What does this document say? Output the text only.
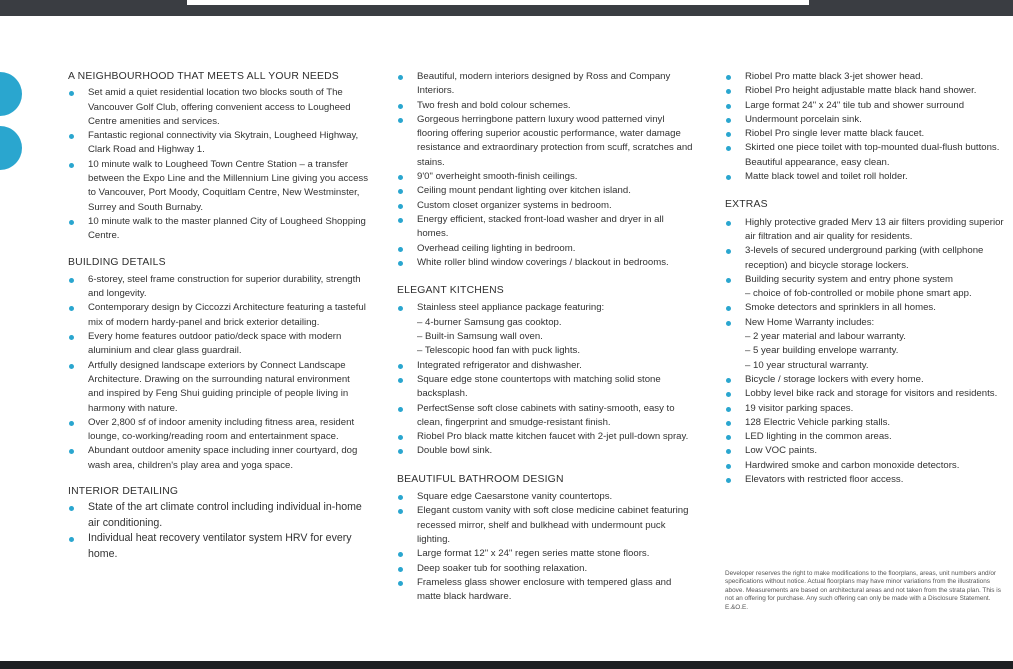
A NEIGHBOURHOOD THAT MEETS ALL YOUR NEEDS
Set amid a quiet residential location two blocks south of The Vancouver Golf Club, offering convenient access to Lougheed Centre amenities and services.
Fantastic regional connectivity via Skytrain, Lougheed Highway, Clark Road and Highway 1.
10 minute walk to Lougheed Town Centre Station – a transfer between the Expo Line and the Millennium Line giving you access to Vancouver, Port Moody, Coquitlam Centre, New Westminster, Surrey and South Burnaby.
10 minute walk to the master planned City of Lougheed Shopping Centre.
BUILDING DETAILS
6-storey, steel frame construction for superior durability, strength and longevity.
Contemporary design by Ciccozzi Architecture featuring a tasteful mix of modern hardy-panel and brick exterior detailing.
Every home features outdoor patio/deck space with modern aluminium and clear glass guardrail.
Artfully designed landscape exteriors by Connect Landscape Architecture. Drawing on the surrounding natural environment and inspired by Feng Shui guiding principle of people living in harmony with nature.
Over 2,800 sf of indoor amenity including fitness area, resident lounge, co-working/reading room and entertainment space.
Abundant outdoor amenity space including inner courtyard, dog wash area, children's play area and yoga space.
INTERIOR DETAILING
State of the art climate control including individual in-home air conditioning.
Individual heat recovery ventilator system HRV for every home.
Beautiful, modern interiors designed by Ross and Company Interiors.
Two fresh and bold colour schemes.
Gorgeous herringbone pattern luxury wood patterned vinyl flooring offering superior acoustic performance, water damage resistance and extraordinary protection from scuff, scratches and stains.
9'0" overheight smooth-finish ceilings.
Ceiling mount pendant lighting over kitchen island.
Custom closet organizer systems in bedroom.
Energy efficient, stacked front-load washer and dryer in all homes.
Overhead ceiling lighting in bedroom.
White roller blind window coverings / blackout in bedrooms.
ELEGANT KITCHENS
Stainless steel appliance package featuring:
– 4-burner Samsung gas cooktop.
– Built-in Samsung wall oven.
– Telescopic hood fan with puck lights.
Integrated refrigerator and dishwasher.
Square edge stone countertops with matching solid stone backsplash.
PerfectSense soft close cabinets with satiny-smooth, easy to clean, fingerprint and smudge-resistant finish.
Riobel Pro black matte kitchen faucet with 2-jet pull-down spray.
Double bowl sink.
BEAUTIFUL BATHROOM DESIGN
Square edge Caesarstone vanity countertops.
Elegant custom vanity with soft close medicine cabinet featuring recessed mirror, shelf and bulkhead with undermount puck lighting.
Large format 12" x 24" regen series matte stone floors.
Deep soaker tub for soothing relaxation.
Frameless glass shower enclosure with tempered glass and matte black hardware.
Riobel Pro matte black 3-jet shower head.
Riobel Pro height adjustable matte black hand shower.
Large format 24" x 24" tile tub and shower surround
Undermount porcelain sink.
Riobel Pro single lever matte black faucet.
Skirted one piece toilet with top-mounted dual-flush buttons. Beautiful appearance, easy clean.
Matte black towel and toilet roll holder.
EXTRAS
Highly protective graded Merv 13 air filters providing superior air filtration and air quality for residents.
3-levels of secured underground parking (with cellphone reception) and bicycle storage lockers.
Building security system and entry phone system
– choice of fob-controlled or mobile phone smart app.
Smoke detectors and sprinklers in all homes.
New Home Warranty includes:
– 2 year material and labour warranty.
– 5 year building envelope warranty.
– 10 year structural warranty.
Bicycle / storage lockers with every home.
Lobby level bike rack and storage for visitors and residents.
19 visitor parking spaces.
128 Electric Vehicle parking stalls.
LED lighting in the common areas.
Low VOC paints.
Hardwired smoke and carbon monoxide detectors.
Elevators with restricted floor access.
Developer reserves the right to make modifications to the floorplans, areas, unit numbers and/or specifications without notice. Actual floorplans may have minor variations from the illustrations above. Measurements are based on architectural areas and not taken from the strata plan. This is not an offering for purchase. Any such offering can only be made with a Disclosure Statement. E.&O.E.
